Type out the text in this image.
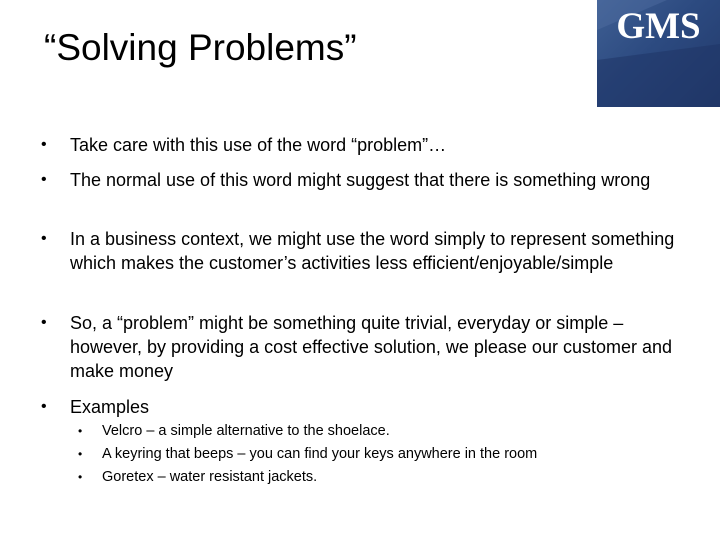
“Solving Problems”
GMS
• Take care with this use of the word “problem”…
• The normal use of this word might suggest that there is something wrong
• In a business context, we might use the word simply to represent something which makes the customer’s activities less efficient/enjoyable/simple
• So, a “problem” might be something quite trivial, everyday or simple – however, by providing a cost effective solution, we please our customer and make money
• Examples
• Velcro – a simple alternative to the shoelace.
• A keyring that beeps – you can find your keys anywhere in the room
• Goretex – water resistant jackets.
